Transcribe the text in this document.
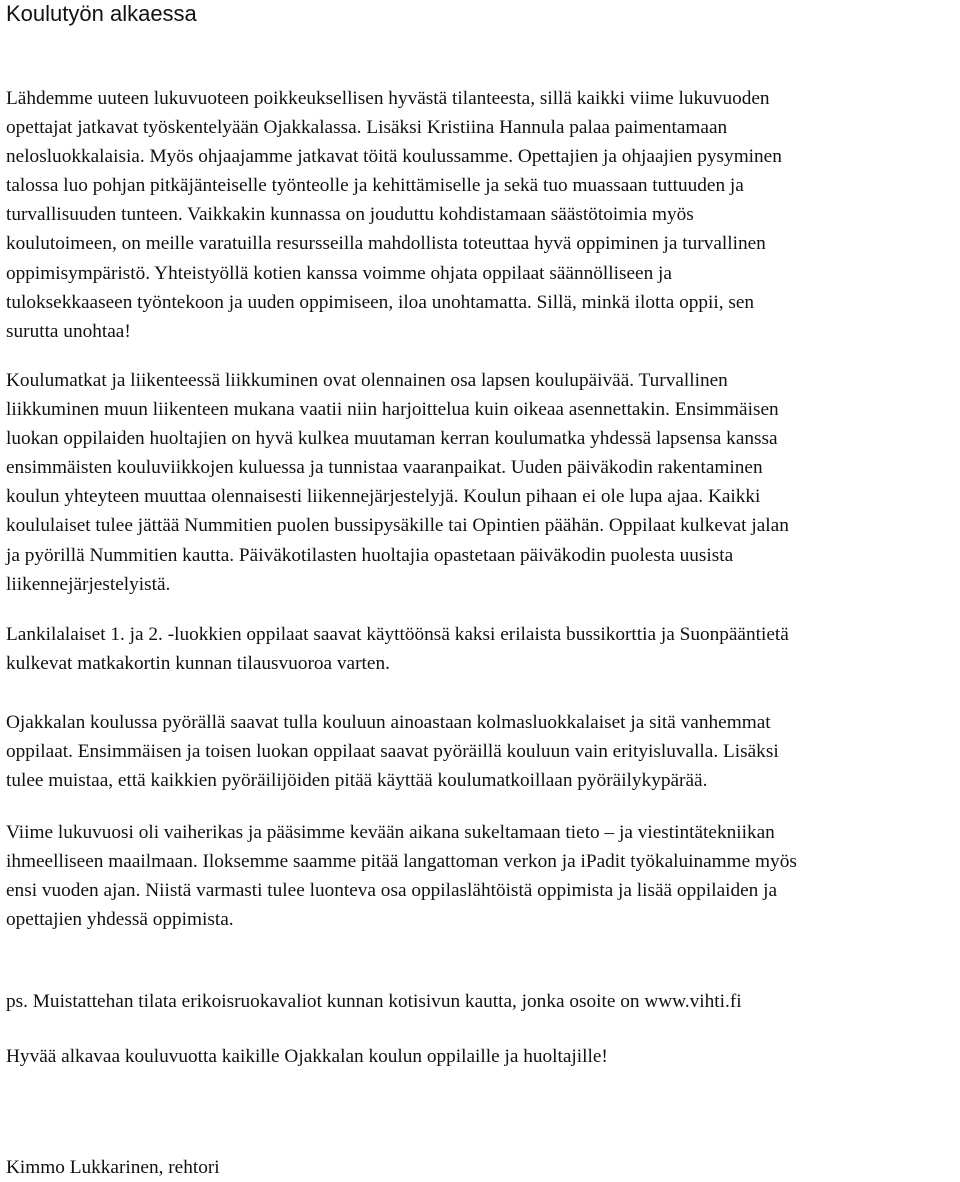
Koulutyön alkaessa

Lähdemme uuteen lukuvuoteen poikkeuksellisen hyvästä tilanteesta, sillä kaikki viime lukuvuoden
opettajat jatkavat työskentelyään Ojakkalassa. Lisäksi Kristiina Hannula palaa paimentamaan
nelosluokkalaisia. Myös ohjaajamme jatkavat töitä koulussamme. Opettajien ja ohjaajien pysyminen
talossa luo pohjan pitkäjänteiselle työnteolle ja kehittämiselle ja sekä tuo muassaan tuttuuden ja
turvallisuuden tunteen. Vaikkakin kunnassa on jouduttu kohdistamaan säästötoimia myös
koulutoimeen, on meille varatuilla resursseilla mahdollista toteuttaa hyvä oppiminen ja turvallinen
oppimisympäristö. Yhteistyöllä kotien kanssa voimme ohjata oppilaat säännölliseen ja
tuloksekkaaseen työntekoon ja uuden oppimiseen, iloa unohtamatta. Sillä, minkä ilotta oppii, sen
surutta unohtaa!

Koulumatkat ja liikenteessä liikkuminen ovat olennainen osa lapsen koulupäivää. Turvallinen
liikkuminen muun liikenteen mukana vaatii niin harjoittelua kuin oikeaa asennettakin. Ensimmäisen
luokan oppilaiden huoltajien on hyvä kulkea muutaman kerran koulumatka yhdessä lapsensa kanssa
ensimmäisten kouluviikkojen kuluessa ja tunnistaa vaaranpaikat. Uuden päiväkodin rakentaminen
koulun yhteyteen muuttaa olennaisesti liikennejärjestelyjä. Koulun pihaan ei ole lupa ajaa. Kaikki
koululaiset tulee jättää Nummitien puolen bussipysäkille tai Opintien päähän. Oppilaat kulkevat jalan
ja pyörillä Nummitien kautta. Päiväkotilasten huoltajia opastetaan päiväkodin puolesta uusista
liikennejärjestelyistä.

Lankilalaiset 1. ja 2. -luokkien oppilaat saavat käyttöönsä kaksi erilaista bussikorttia ja Suonpääntietä
kulkevat matkakortin kunnan tilausvuoroa varten.

Ojakkalan koulussa pyörällä saavat tulla kouluun ainoastaan kolmasluokkalaiset ja sitä vanhemmat
oppilaat. Ensimmäisen ja toisen luokan oppilaat saavat pyöräillä kouluun vain erityisluvalla. Lisäksi
tulee muistaa, että kaikkien pyöräilijöiden pitää käyttää koulumatkoillaan pyöräilykypärää.

Viime lukuvuosi oli vaiherikas ja pääsimme kevään aikana sukeltamaan tieto – ja viestintätekniikan
ihmeelliseen maailmaan. Iloksemme saamme pitää langattoman verkon ja iPadit työkaluinamme myös
ensi vuoden ajan. Niistä varmasti tulee luonteva osa oppilaslähtöistä oppimista ja lisää oppilaiden ja
opettajien yhdessä oppimista.

ps. Muistattehan tilata erikoisruokavaliot kunnan kotisivun kautta, jonka osoite on www.vihti.fi

Hyvää alkavaa kouluvuotta kaikille Ojakkalan koulun oppilaille ja huoltajille!

Kimmo Lukkarinen, rehtori
